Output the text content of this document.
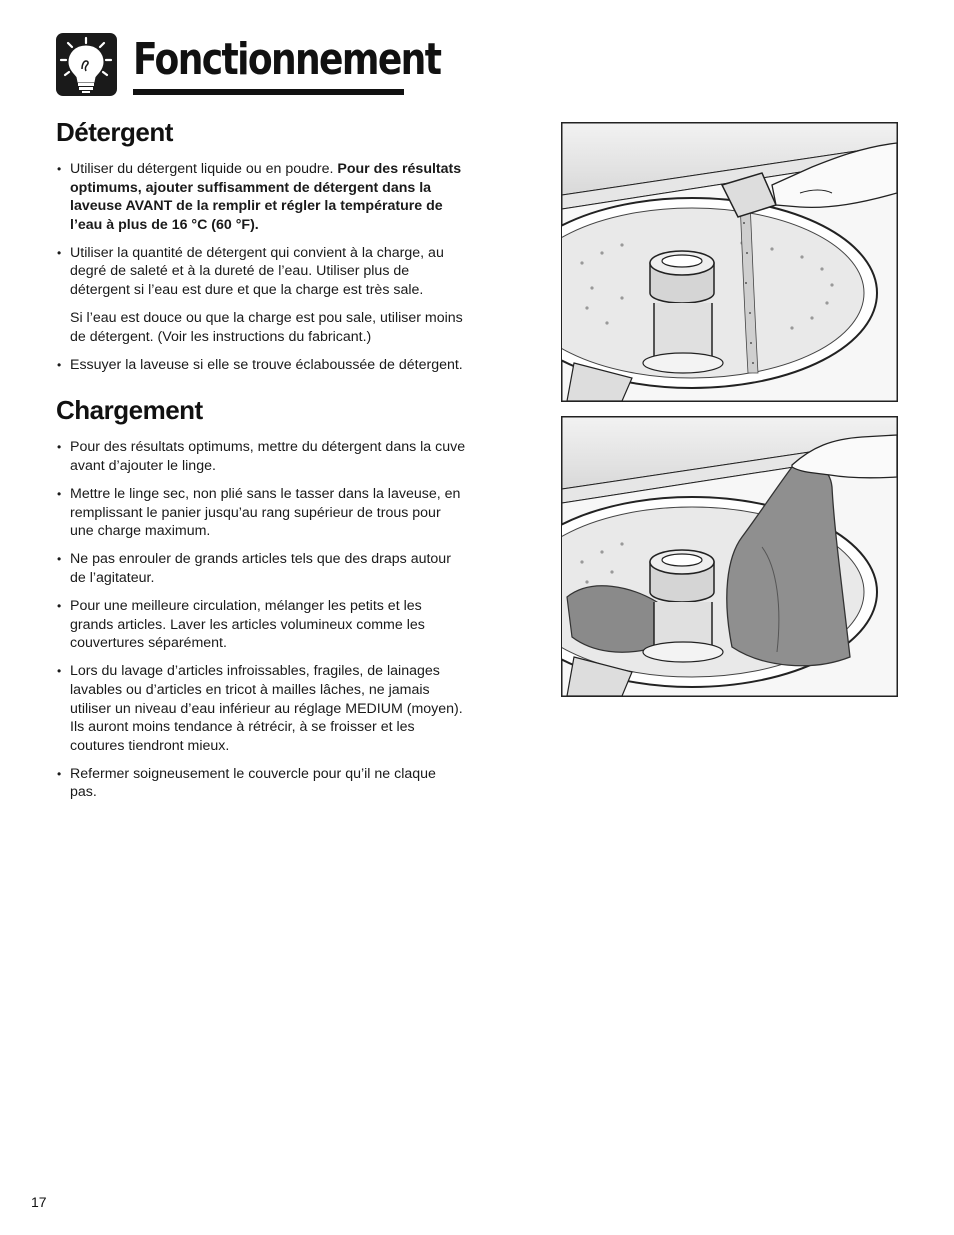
Fonctionnement
Détergent
• Utiliser du détergent liquide ou en poudre. Pour des résultats optimums, ajouter suffisamment de détergent dans la laveuse AVANT de la remplir et régler la température de l’eau à plus de 16 °C (60 °F).
• Utiliser la quantité de détergent qui convient à la charge, au degré de saleté et à la dureté de l’eau. Utiliser plus de détergent si l’eau est dure et que la charge est très sale.
Si l’eau est douce ou que la charge est pou sale, utiliser moins de détergent. (Voir les instructions du fabricant.)
• Essuyer la laveuse si elle se trouve éclaboussée de détergent.
Chargement
• Pour des résultats optimums, mettre du détergent dans la cuve avant d’ajouter le linge.
• Mettre le linge sec, non plié sans le tasser dans la laveuse, en remplissant le panier jusqu’au rang supérieur de trous pour une charge maximum.
• Ne pas enrouler de grands articles tels que des draps autour de l’agitateur.
• Pour une meilleure circulation, mélanger les petits et les grands articles. Laver les articles volumineux comme les couvertures séparément.
• Lors du lavage d’articles infroissables, fragiles, de lainages lavables ou d’articles en tricot à mailles lâches, ne jamais utiliser un niveau d’eau inférieur au réglage MEDIUM (moyen). Ils auront moins tendance à rétrécir, à se froisser et les coutures tiendront mieux.
• Refermer soigneusement le couvercle pour qu’il ne claque pas.
17
